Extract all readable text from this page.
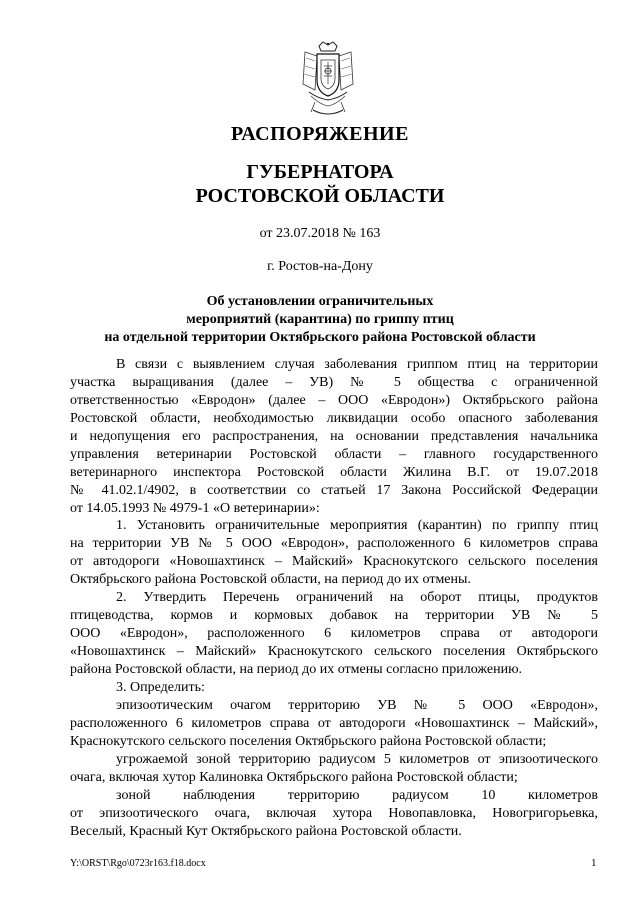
РАСПОРЯЖЕНИЕ
ГУБЕРНАТОРА
РОСТОВСКОЙ ОБЛАСТИ
от 23.07.2018 № 163
г. Ростов-на-Дону
Об установлении ограничительных
мероприятий (карантина) по гриппу птиц
на отдельной территории Октябрьского района Ростовской области
В связи с выявлением случая заболевания гриппом птиц на территории
участка выращивания (далее – УВ) № 5 общества с ограниченной
ответственностью «Евродон» (далее – ООО «Евродон») Октябрьского района
Ростовской области, необходимостью ликвидации особо опасного заболевания
и недопущения его распространения, на основании представления начальника
управления ветеринарии Ростовской области – главного государственного
ветеринарного инспектора Ростовской области Жилина В.Г. от 19.07.2018
№ 41.02.1/4902, в соответствии со статьей 17 Закона Российской Федерации
от 14.05.1993 № 4979-1 «О ветеринарии»:
1. Установить ограничительные мероприятия (карантин) по гриппу птиц
на территории УВ № 5 ООО «Евродон», расположенного 6 километров справа
от автодороги «Новошахтинск – Майский» Краснокутского сельского поселения
Октябрьского района Ростовской области, на период до их отмены.
2. Утвердить Перечень ограничений на оборот птицы, продуктов
птицеводства, кормов и кормовых добавок на территории УВ № 5
ООО «Евродон», расположенного 6 километров справа от автодороги
«Новошахтинск – Майский» Краснокутского сельского поселения Октябрьского
района Ростовской области, на период до их отмены согласно приложению.
3. Определить:
эпизоотическим очагом территорию УВ № 5 ООО «Евродон»,
расположенного 6 километров справа от автодороги «Новошахтинск – Майский»,
Краснокутского сельского поселения Октябрьского района Ростовской области;
угрожаемой зоной территорию радиусом 5 километров от эпизоотического
очага, включая хутор Калиновка Октябрьского района Ростовской области;
зоной наблюдения территорию радиусом 10 километров
от эпизоотического очага, включая хутора Новопавловка, Новогригорьевка,
Веселый, Красный Кут Октябрьского района Ростовской области.
Y:\ORST\Rgo\0723r163.f18.docx	1
